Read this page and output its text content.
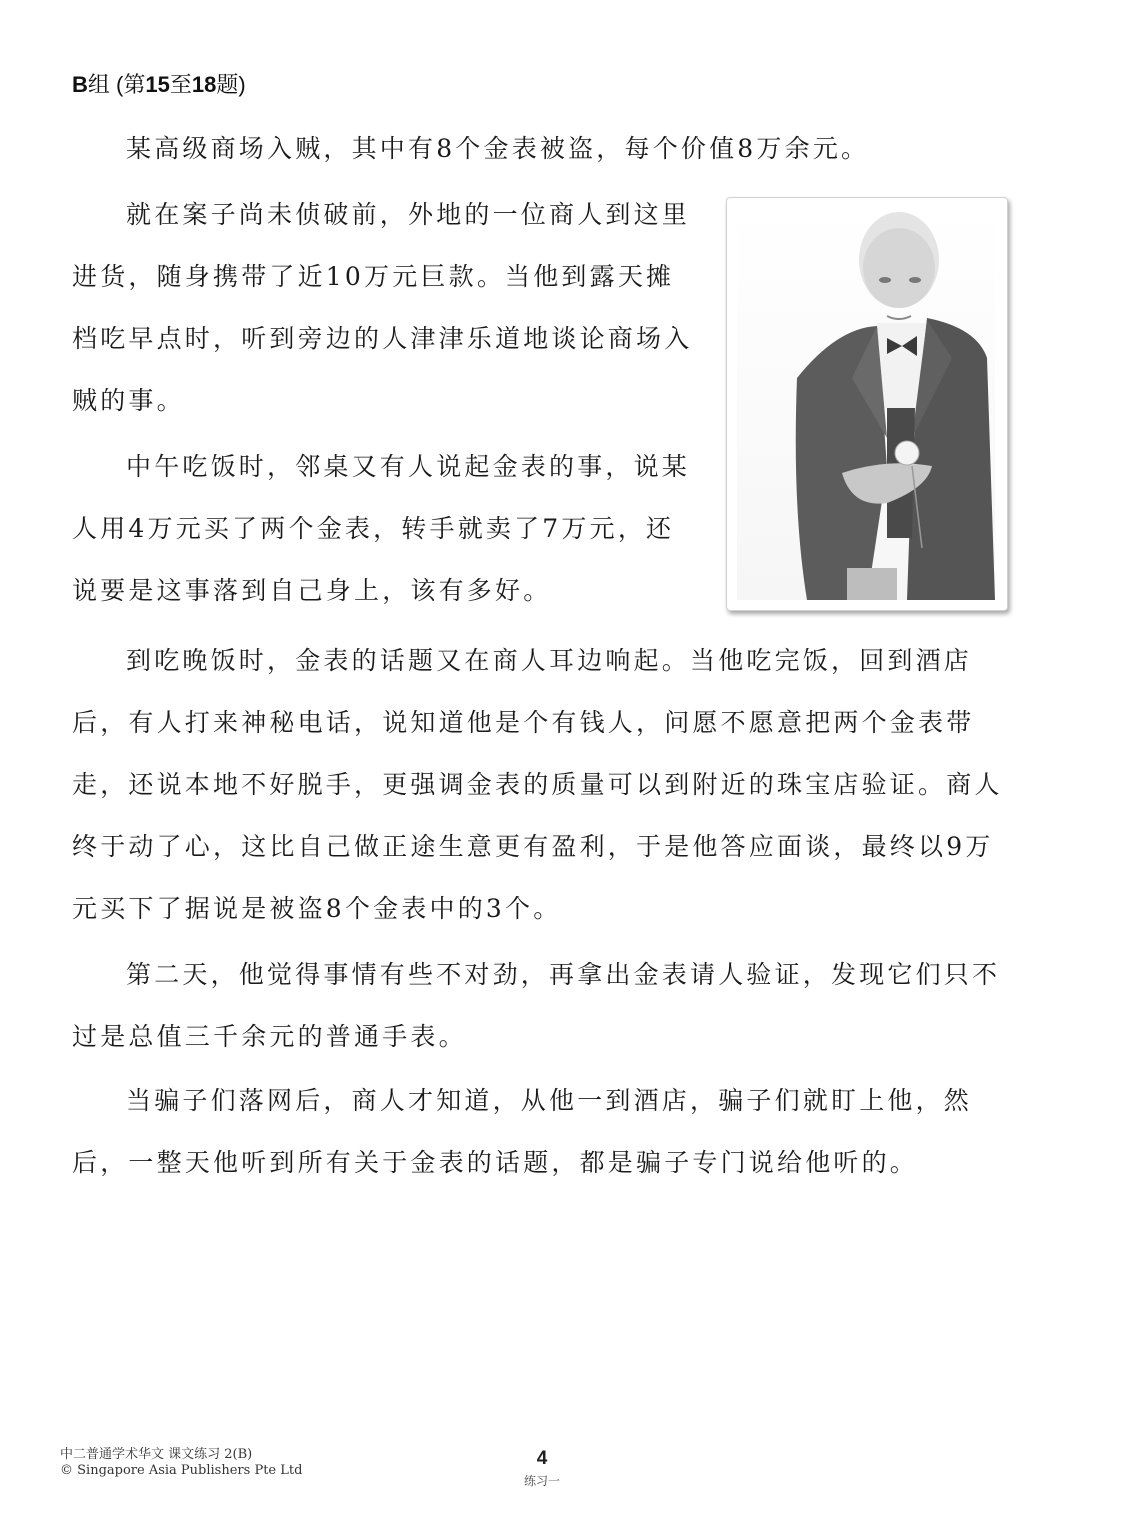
B组 (第15至18题)

某高级商场入贼，其中有8个金表被盗，每个价值8万余元。

就在案子尚未侦破前，外地的一位商人到这里进货，随身携带了近10万元巨款。当他到露天摊档吃早点时，听到旁边的人津津乐道地谈论商场入贼的事。

中午吃饭时，邻桌又有人说起金表的事，说某人用4万元买了两个金表，转手就卖了7万元，还说要是这事落到自己身上，该有多好。

到吃晚饭时，金表的话题又在商人耳边响起。当他吃完饭，回到酒店后，有人打来神秘电话，说知道他是个有钱人，问愿不愿意把两个金表带走，还说本地不好脱手，更强调金表的质量可以到附近的珠宝店验证。商人终于动了心，这比自己做正途生意更有盈利，于是他答应面谈，最终以9万元买下了据说是被盗8个金表中的3个。

第二天，他觉得事情有些不对劲，再拿出金表请人验证，发现它们只不过是总值三千余元的普通手表。

当骗子们落网后，商人才知道，从他一到酒店，骗子们就盯上他，然后，一整天他听到所有关于金表的话题，都是骗子专门说给他听的。

中二普通学术华文 课文练习 2(B)
© Singapore Asia Publishers Pte Ltd
4
练习一
